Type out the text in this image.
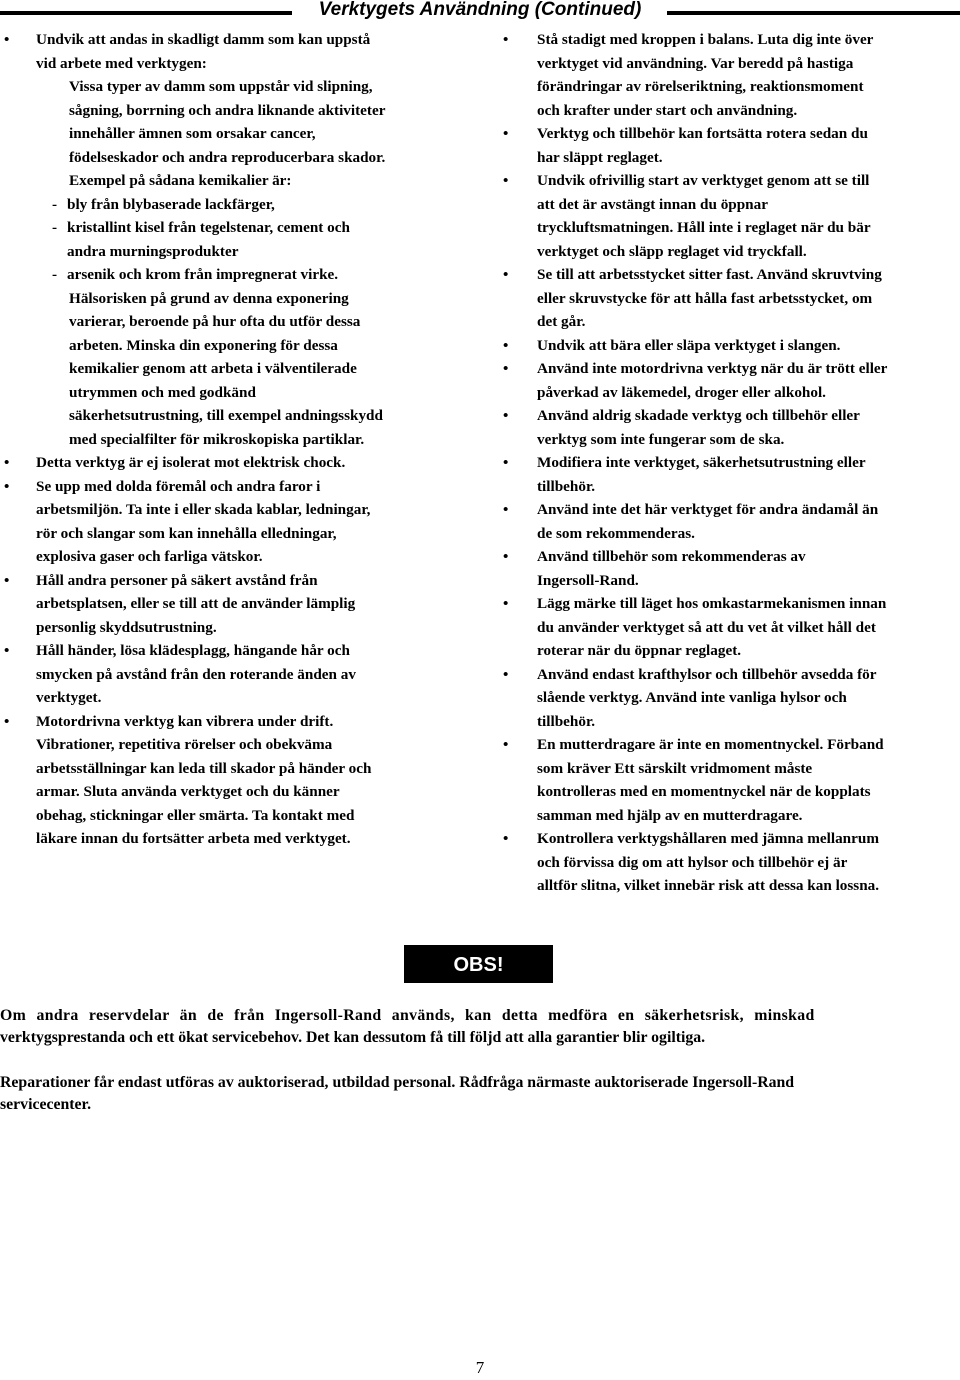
Verktygets Användning (Continued)
• Undvik att andas in skadligt damm som kan uppstå
vid arbete med verktygen:
Vissa typer av damm som uppstår vid slipning,
sågning, borrning och andra liknande aktiviteter
innehåller ämnen som orsakar cancer,
födelseskador och andra reproducerbara skador.
Exempel på sådana kemikalier är:
- bly från blybaserade lackfärger,
- kristallint kisel från tegelstenar, cement och
andra murningsprodukter
- arsenik och krom från impregnerat virke.
Hälsorisken på grund av denna exponering
varierar, beroende på hur ofta du utför dessa
arbeten. Minska din exponering för dessa
kemikalier genom att arbeta i välventilerade
utrymmen och med godkänd
säkerhetsutrustning, till exempel andningsskydd
med specialfilter för mikroskopiska partiklar.
• Detta verktyg är ej isolerat mot elektrisk chock.
• Se upp med dolda föremål och andra faror i
arbetsmiljön. Ta inte i eller skada kablar, ledningar,
rör och slangar som kan innehålla elledningar,
explosiva gaser och farliga vätskor.
• Håll andra personer på säkert avstånd från
arbetsplatsen, eller se till att de använder lämplig
personlig skyddsutrustning.
• Håll händer, lösa klädesplagg, hängande hår och
smycken på avstånd från den roterande änden av
verktyget.
• Motordrivna verktyg kan vibrera under drift.
Vibrationer, repetitiva rörelser och obekväma
arbetsställningar kan leda till skador på händer och
armar. Sluta använda verktyget och du känner
obehag, stickningar eller smärta. Ta kontakt med
läkare innan du fortsätter arbeta med verktyget.
• Stå stadigt med kroppen i balans. Luta dig inte över
verktyget vid användning. Var beredd på hastiga
förändringar av rörelseriktning, reaktionsmoment
och krafter under start och användning.
• Verktyg och tillbehör kan fortsätta rotera sedan du
har släppt reglaget.
• Undvik ofrivillig start av verktyget genom att se till
att det är avstängt innan du öppnar
tryckluftsmatningen. Håll inte i reglaget när du bär
verktyget och släpp reglaget vid tryckfall.
• Se till att arbetsstycket sitter fast. Använd skruvtving
eller skruvstycke för att hålla fast arbetsstycket, om
det går.
• Undvik att bära eller släpa verktyget i slangen.
• Använd inte motordrivna verktyg när du är trött eller
påverkad av läkemedel, droger eller alkohol.
• Använd aldrig skadade verktyg och tillbehör eller
verktyg som inte fungerar som de ska.
• Modifiera inte verktyget, säkerhetsutrustning eller
tillbehör.
• Använd inte det här verktyget för andra ändamål än
de som rekommenderas.
• Använd tillbehör som rekommenderas av
Ingersoll-Rand.
• Lägg märke till läget hos omkastarmekanismen innan
du använder verktyget så att du vet åt vilket håll det
roterar när du öppnar reglaget.
• Använd endast krafthylsor och tillbehör avsedda för
slående verktyg. Använd inte vanliga hylsor och
tillbehör.
• En mutterdragare är inte en momentnyckel. Förband
som kräver Ett särskilt vridmoment måste
kontrolleras med en momentnyckel när de kopplats
samman med hjälp av en mutterdragare.
• Kontrollera verktygshållaren med jämna mellanrum
och förvissa dig om att hylsor och tillbehör ej är
alltför slitna, vilket innebär risk att dessa kan lossna.
OBS!
Om andra reservdelar än de från Ingersoll-Rand används, kan detta medföra en säkerhetsrisk, minskad
verktygsprestanda och ett ökat servicebehov. Det kan dessutom få till följd att alla garantier blir ogiltiga.
Reparationer får endast utföras av auktoriserad, utbildad personal. Rådfråga närmaste auktoriserade Ingersoll-Rand
servicecenter.
7
